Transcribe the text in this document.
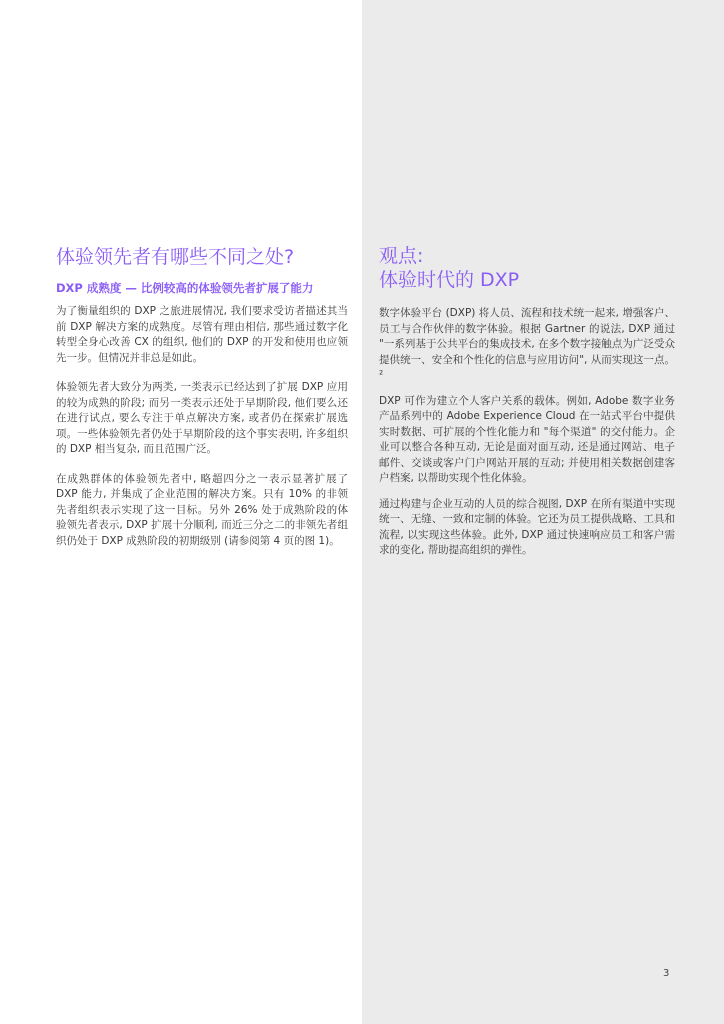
体验领先者有哪些不同之处?
DXP 成熟度 — 比例较高的体验领先者扩展了能力

为了衡量组织的 DXP 之旅进展情况, 我们要求受访者描述其当前 DXP 解决方案的成熟度。尽管有理由相信, 那些通过数字化转型全身心改善 CX 的组织, 他们的 DXP 的开发和使用也应领先一步。但情况并非总是如此。

体验领先者大致分为两类, 一类表示已经达到了扩展 DXP 应用的较为成熟的阶段; 而另一类表示还处于早期阶段, 他们要么还在进行试点, 要么专注于单点解决方案, 或者仍在探索扩展选项。一些体验领先者仍处于早期阶段的这个事实表明, 许多组织的 DXP 相当复杂, 而且范围广泛。

在成熟群体的体验领先者中, 略超四分之一表示显著扩展了 DXP 能力, 并集成了企业范围的解决方案。只有 10% 的非领先者组织表示实现了这一目标。另外 26% 处于成熟阶段的体验领先者表示, DXP 扩展十分顺利, 而近三分之二的非领先者组织仍处于 DXP 成熟阶段的初期级别 (请参阅第 4 页的图 1)。

观点:
体验时代的 DXP

数字体验平台 (DXP) 将人员、流程和技术统一起来, 增强客户、员工与合作伙伴的数字体验。根据 Gartner 的说法, DXP 通过 "一系列基于公共平台的集成技术, 在多个数字接触点为广泛受众提供统一、安全和个性化的信息与应用访问", 从而实现这一点。²

DXP 可作为建立个人客户关系的载体。例如, Adobe 数字业务产品系列中的 Adobe Experience Cloud 在一站式平台中提供实时数据、可扩展的个性化能力和 "每个渠道" 的交付能力。企业可以整合各种互动, 无论是面对面互动, 还是通过网站、电子邮件、交谈或客户门户网站开展的互动; 并使用相关数据创建客户档案, 以帮助实现个性化体验。

通过构建与企业互动的人员的综合视图, DXP 在所有渠道中实现统一、无缝、一致和定制的体验。它还为员工提供战略、工具和流程, 以实现这些体验。此外, DXP 通过快速响应员工和客户需求的变化, 帮助提高组织的弹性。

3
